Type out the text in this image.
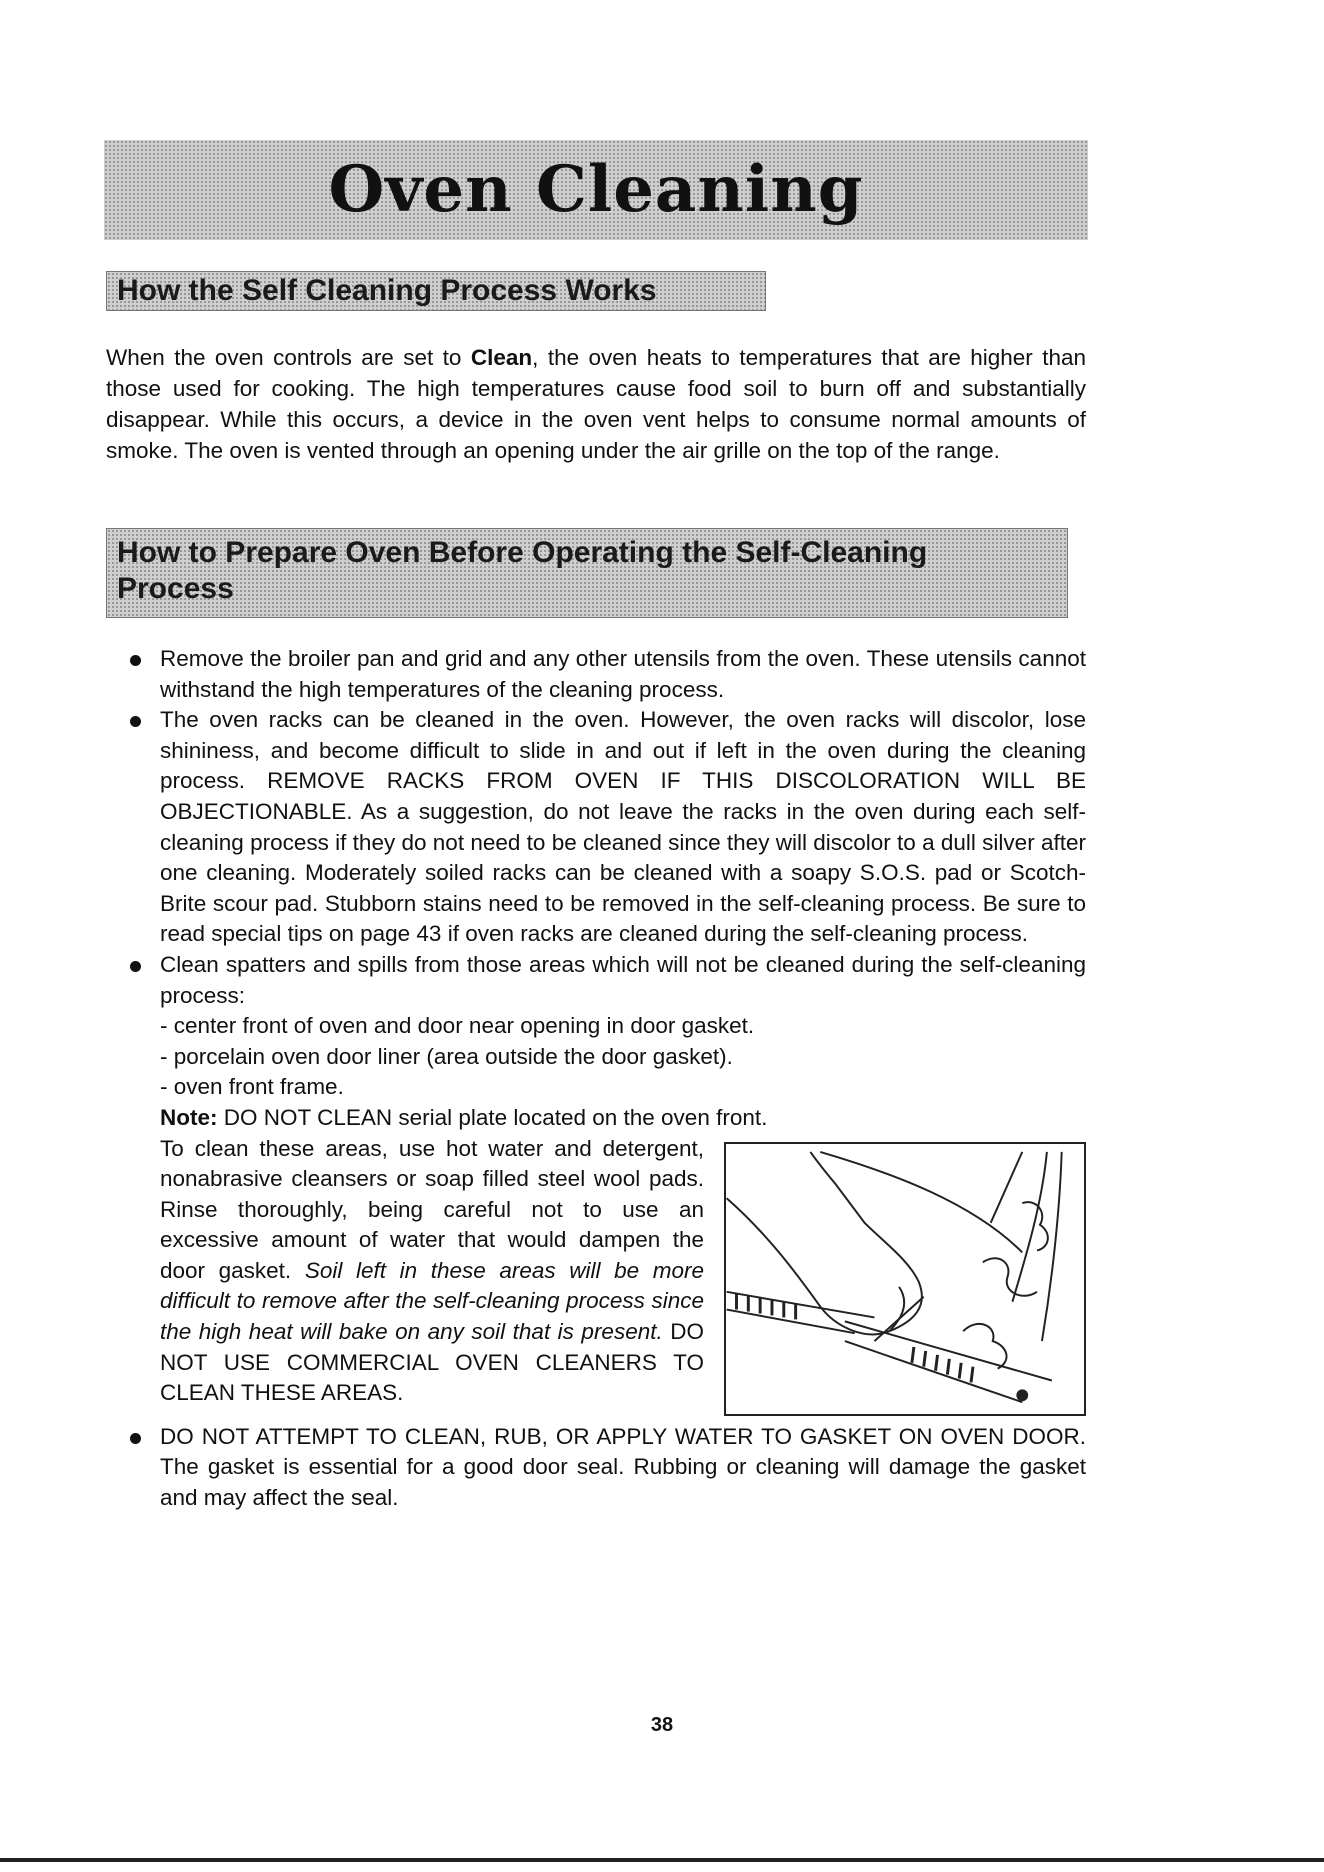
Oven Cleaning
How the Self Cleaning Process Works

When the oven controls are set to Clean, the oven heats to temperatures that are higher than those used for cooking. The high temperatures cause food soil to burn off and substantially disappear. While this occurs, a device in the oven vent helps to consume normal amounts of smoke. The oven is vented through an opening under the air grille on the top of the range.

How to Prepare Oven Before Operating the Self-Cleaning
Process
Remove the broiler pan and grid and any other utensils from the oven. These utensils cannot withstand the high temperatures of the cleaning process.
The oven racks can be cleaned in the oven. However, the oven racks will discolor, lose shininess, and become difficult to slide in and out if left in the oven during the cleaning process. REMOVE RACKS FROM OVEN IF THIS DISCOLORATION WILL BE OBJECTIONABLE. As a suggestion, do not leave the racks in the oven during each self-cleaning process if they do not need to be cleaned since they will discolor to a dull silver after one cleaning. Moderately soiled racks can be cleaned with a soapy S.O.S. pad or Scotch-Brite scour pad. Stubborn stains need to be removed in the self-cleaning process. Be sure to read special tips on page 43 if oven racks are cleaned during the self-cleaning process.
Clean spatters and spills from those areas which will not be cleaned during the self-cleaning process:
- center front of oven and door near opening in door gasket.
- porcelain oven door liner (area outside the door gasket).
- oven front frame.
Note: DO NOT CLEAN serial plate located on the oven front.
To clean these areas, use hot water and detergent, nonabrasive cleansers or soap filled steel wool pads. Rinse thoroughly, being careful not to use an excessive amount of water that would dampen the door gasket. Soil left in these areas will be more difficult to remove after the self-cleaning process since the high heat will bake on any soil that is present. DO NOT USE COMMERCIAL OVEN CLEANERS TO CLEAN THESE AREAS.
DO NOT ATTEMPT TO CLEAN, RUB, OR APPLY WATER TO GASKET ON OVEN DOOR. The gasket is essential for a good door seal. Rubbing or cleaning will damage the gasket and may affect the seal.
38
